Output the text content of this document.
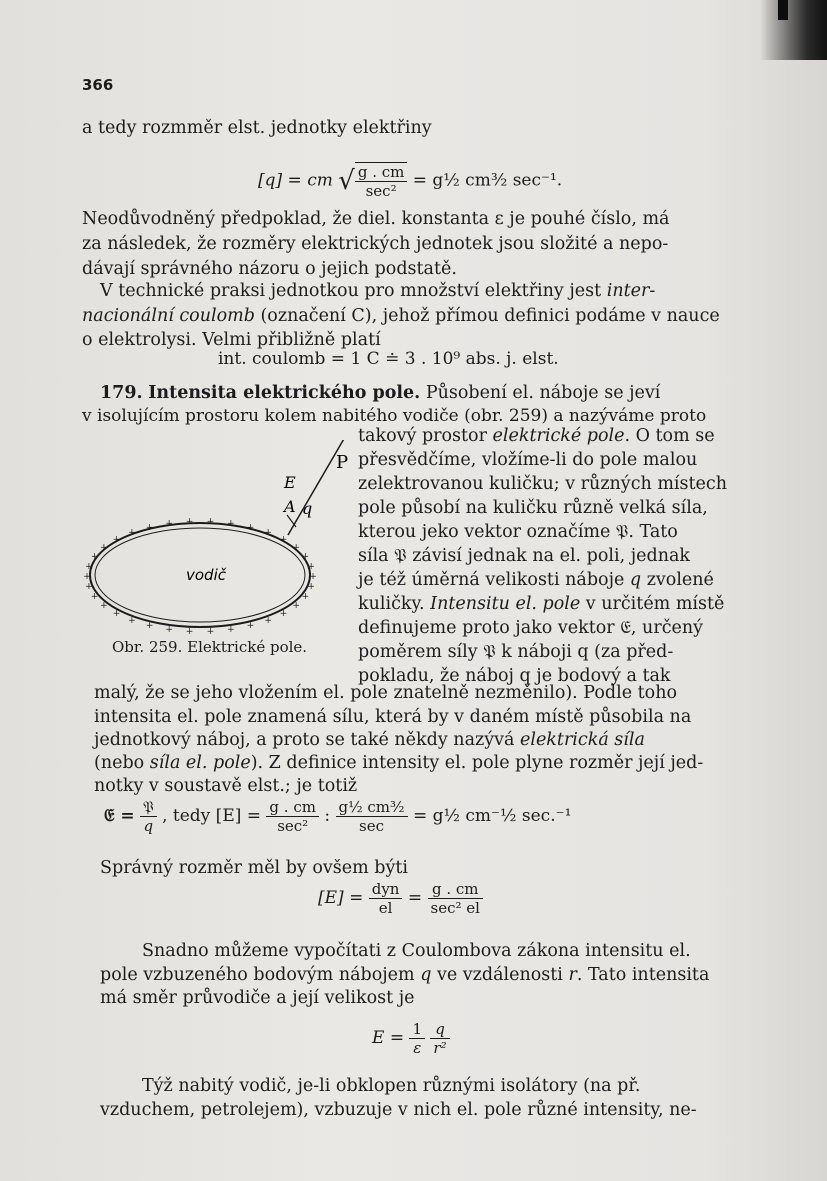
366
a tedy rozmměr elst. jednotky elektřiny
[q] = cm √ $\frac{g . cm}{\text{sec²}}$ = g½ cm³⁄₂ sec⁻¹.
Neodůvodněný předpoklad, že diel. konstanta ε je pouhé číslo, má
za následek, že rozměry elektrických jednotek jsou složité a nepo-
dávají správného názoru o jejich podstatě.
V technické praksi jednotkou pro množství elektřiny jest inter-
nacionální coulomb (označení C), jehož přímou definici podáme v nauce
o elektrolysi. Velmi přibližně platí
int. coulomb = 1 C ≐ 3 . 10⁹ abs. j. elst.
179. Intensita elektrického pole. Působení el. náboje se jeví
v isolujícím prostoru kolem nabitého vodiče (obr. 259) a nazýváme proto
takový prostor elektrické pole. O tom se
přesvědčíme, vložíme-li do pole malou
zelektrovanou kuličku; v různých místech
pole působí na kuličku různě velká síla,
kterou jeko vektor označíme 𝔓. Tato
síla 𝔓 závisí jednak na el. poli, jednak
je též úměrná velikosti náboje q zvolené
kuličky. Intensitu el. pole v určitém místě
definujeme proto jako vektor 𝔈, určený
poměrem síly 𝔓 k náboji q (za před-
pokladu, že náboj q je bodový a tak
+
+
+
+
+
+
+
+
+
+
+
+
+
+
+
+
+
+
+
+
+
+
+
+ + + + + +
+
+
+
+
+
P
E
A q
vodič
Obr. 259. Elektrické pole.
malý, že se jeho vložením el. pole znatelně nezměnilo). Podle toho
intensita el. pole znamená sílu, která by v daném místě působila na
jednotkový náboj, a proto se také někdy nazývá elektrická síla
(nebo síla el. pole). Z definice intensity el. pole plyne rozměr její jed-
notky v soustavě elst.; je totiž
𝔈 = $\frac{\text{𝔓}}{q}$ , tedy $[E] = \frac{g . cm}{\text{sec²}}$ : $\frac{\text{g½ cm³⁄₂}}{\sec}$ = g½ cm⁻½ sec.⁻¹
Správný rozměr měl by ovšem býti
$[E] = \frac{\text{dyn}}{el} = \frac{g . cm}{\text{sec² el}}$
Snadno můžeme vypočítati z Coulombova zákona intensitu el.
pole vzbuzeného bodovým nábojem q ve vzdálenosti r. Tato intensita
má směr průvodiče a její velikost je
$E = \frac{1}{\varepsilon}$
$\frac{q}{\text{r²}}$
Týž nabitý vodič, je-li obklopen různými isolátory (na př.
vzduchem, petrolejem), vzbuzuje v nich el. pole různé intensity, ne-
